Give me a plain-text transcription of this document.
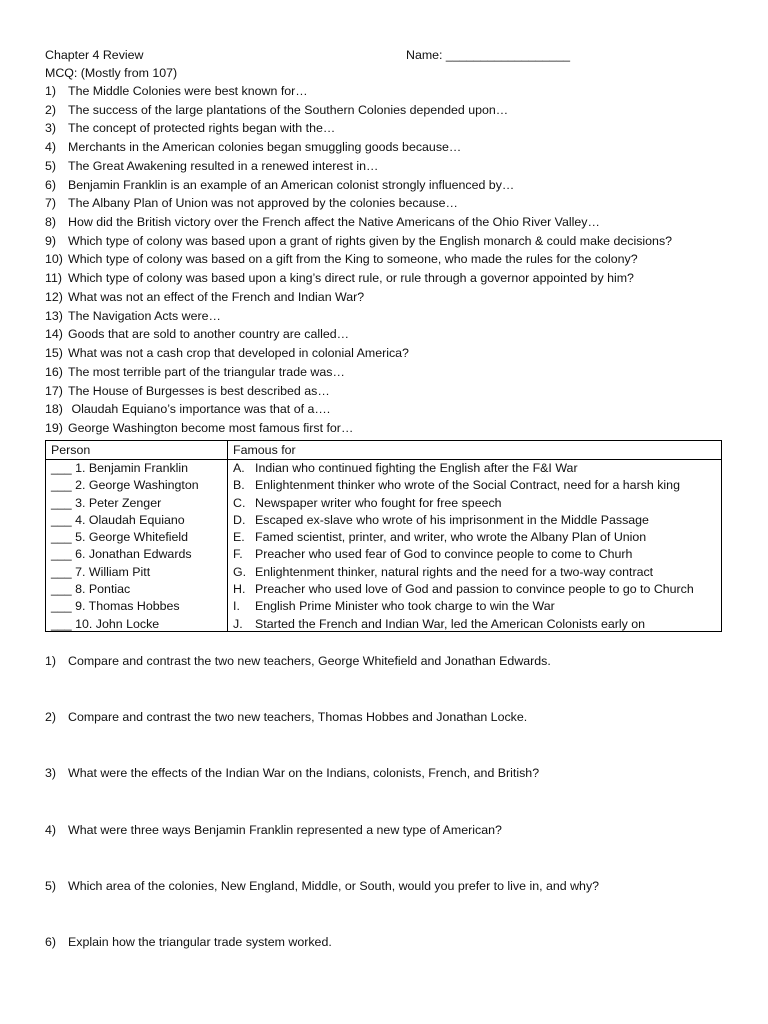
Chapter 4 Review	Name: __________________
MCQ: (Mostly from 107)
1) The Middle Colonies were best known for…
2) The success of the large plantations of the Southern Colonies depended upon…
3) The concept of protected rights began with the…
4) Merchants in the American colonies began smuggling goods because…
5) The Great Awakening resulted in a renewed interest in…
6) Benjamin Franklin is an example of an American colonist strongly influenced by…
7) The Albany Plan of Union was not approved by the colonies because…
8) How did the British victory over the French affect the Native Americans of the Ohio River Valley…
9) Which type of colony was based upon a grant of rights given by the English monarch & could make decisions?
10) Which type of colony was based on a gift from the King to someone, who made the rules for the colony?
11) Which type of colony was based upon a king’s direct rule, or rule through a governor appointed by him?
12) What was not an effect of the French and Indian War?
13) The Navigation Acts were…
14) Goods that are sold to another country are called…
15) What was not a cash crop that developed in colonial America?
16) The most terrible part of the triangular trade was…
17) The House of Burgesses is best described as…
18) Olaudah Equiano’s importance was that of a….
19) George Washington become most famous first for…
Person	Famous for
___ 1. Benjamin Franklin	A. Indian who continued fighting the English after the F&I War
___ 2. George Washington	B. Enlightenment thinker who wrote of the Social Contract, need for a harsh king
___ 3. Peter Zenger	C. Newspaper writer who fought for free speech
___ 4. Olaudah Equiano	D. Escaped ex-slave who wrote of his imprisonment in the Middle Passage
___ 5. George Whitefield	E. Famed scientist, printer, and writer, who wrote the Albany Plan of Union
___ 6. Jonathan Edwards	F. Preacher who used fear of God to convince people to come to Churh
___ 7. William Pitt	G. Enlightenment thinker, natural rights and the need for a two-way contract
___ 8. Pontiac	H. Preacher who used love of God and passion to convince people to go to Church
___ 9. Thomas Hobbes	I.	English Prime Minister who took charge to win the War
___ 10. John Locke	J. Started the French and Indian War, led the American Colonists early on
1) Compare and contrast the two new teachers, George Whitefield and Jonathan Edwards.
2) Compare and contrast the two new teachers, Thomas Hobbes and Jonathan Locke.
3) What were the effects of the Indian War on the Indians, colonists, French, and British?
4) What were three ways Benjamin Franklin represented a new type of American?
5) Which area of the colonies, New England, Middle, or South, would you prefer to live in, and why?
6) Explain how the triangular trade system worked.
